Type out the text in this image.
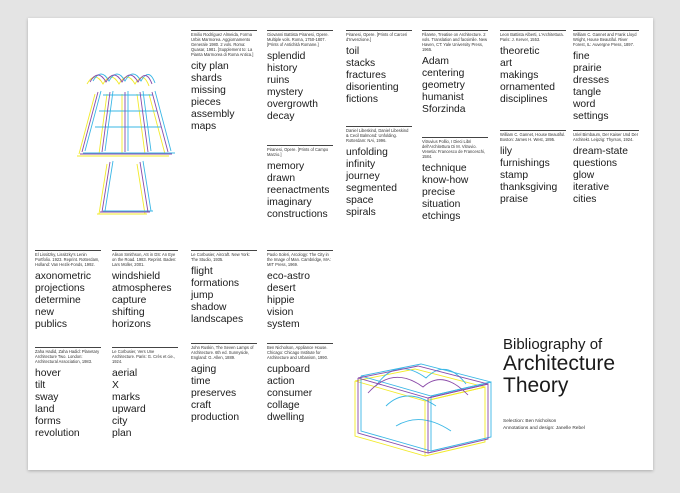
Emilio Rodríguez Almeida, Forma Urbis Marmorea. Aggiornamento Generale 1980. 2 vols. Roma: Quasar, 1981. [Supplement to: La Pianta Marmorea di Roma Antica.]
city plan
shards
missing
pieces
assembly
maps
Giovanni Battista Piranesi, Opere. Multiple vols. Roma, 1750-1807. [Prints of Antichità Romane.]
splendid
history
ruins
mystery
overgrowth
decay
Piranesi, Opere. [Prints of Carceri d'Invenzione.]
toil
stacks
fractures
disorienting
fictions
Filarete, Treatise on Architecture. 2 vols. Translation and facsimile. New Haven, CT: Yale University Press, 1965.
Adam
centering
geometry
humanist
Sforzinda
Leon Battista Alberti, L'Architettura. Paris: J. Kerver, 1553.
theoretic
art
makings
ornamented
disciplines
William C. Gannet and Frank Lloyd Wright, House Beautiful. River Forest, IL: Auvergne Press, 1897.
fine
prairie
dresses
tangle
word
settings
Piranesi, Opere. [Prints of Campo Marzio.]
memory
drawn
reenactments
imaginary
constructions
Daniel Libeskind, Daniel Libeskind & Cecil Balmond: Unfolding. Rotterdam: NAi, 1996.
unfolding
infinity
journey
segmented
space
spirals
Vitruvius Pollio, I Dieci Libri dell'Architettura Di M. Vitruvio. Venetia: Francesco de Franceschi, 1584.
technique
know-how
precise
situation
etchings
William C. Gannet, House Beautiful. Boston: James H. West, 1895.
lily
furnishings
stamp
thanksgiving
praise
Uriel Birnbaum, Der Kaiser Und Der Architekt. Leipzig: Thyrsos, 1924.
dream-state
questions
glow
iterative
cities
El Lissitzky, Lissitzky's Lenin Portfolio. 1923. Reprint. Rotterdam, Holland: Van Hezik-Fonds, 1992.
axonometric
projections
determine
new
publics
Alison Smithson, AS in DS: An Eye on the Road. 1983. Reprint. Baden: Lars Müller, 2001.
windshield
atmospheres
capture
shifting
horizons
Le Corbusier, Aircraft. New York: The Studio, 1935.
flight
formations
jump
shadow
landscapes
Paolo Soleri, Arcology: The City in the Image of Man. Cambridge, MA: MIT Press, 1969.
eco-astro
desert
hippie
vision
system
Zaha Hadid, Zaha Hadid: Planetary Architecture Two. London: Architectural Association, 1983.
hover
tilt
sway
land
forms
revolution
Le Corbusier, Vers Une Architecture. Paris: G. Crès et cie., 1924.
aerial
X
marks
upward
city
plan
John Ruskin, The Seven Lamps of Architecture. 6th ed. Sunnyside, England: G. Allen, 1889.
aging
time
preserves
craft
production
Ben Nicholson, Appliance House. Chicago: Chicago Institute for Architecture and Urbanism, 1990.
cupboard
action
consumer
collage
dwelling
Bibliography of
Architecture
Theory
Selection: Ben Nicholson
Annotations and design: Janelle Rebel
